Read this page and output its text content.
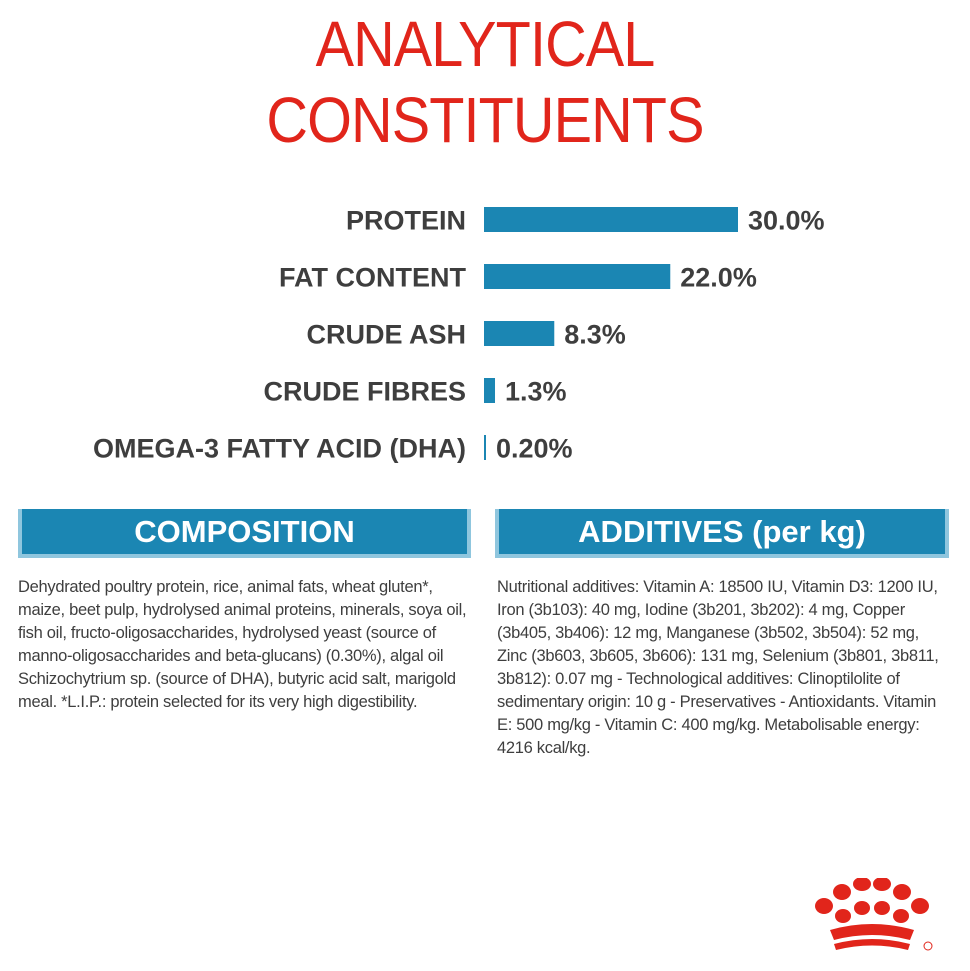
ANALYTICAL
CONSTITUENTS
PROTEIN	30.0%
FAT CONTENT	22.0%
CRUDE ASH	8.3%
CRUDE FIBRES 1.3%
OMEGA-3 FATTY ACID (DHA) 0.20%
COMPOSITION
Dehydrated poultry protein, rice, animal fats, wheat gluten*, maize, beet pulp, hydrolysed animal proteins, minerals, soya oil, fish oil, fructo-oligosaccharides, hydrolysed yeast (source of manno-oligosaccharides and beta-glucans) (0.30%), algal oil Schizochytrium sp. (source of DHA), butyric acid salt, marigold meal. *L.I.P.: protein selected for its very high digestibility.
ADDITIVES (per kg)
Nutritional additives: Vitamin A: 18500 IU, Vitamin D3: 1200 IU, Iron (3b103): 40 mg, Iodine (3b201, 3b202): 4 mg, Copper (3b405, 3b406): 12 mg, Manganese (3b502, 3b504): 52 mg, Zinc (3b603, 3b605, 3b606): 131 mg, Selenium (3b801, 3b811, 3b812): 0.07 mg - Technological additives: Clinoptilolite of sedimentary origin: 10 g - Preservatives - Antioxidants. Vitamin E: 500 mg/kg - Vitamin C: 400 mg/kg. Metabolisable energy: 4216 kcal/kg.
